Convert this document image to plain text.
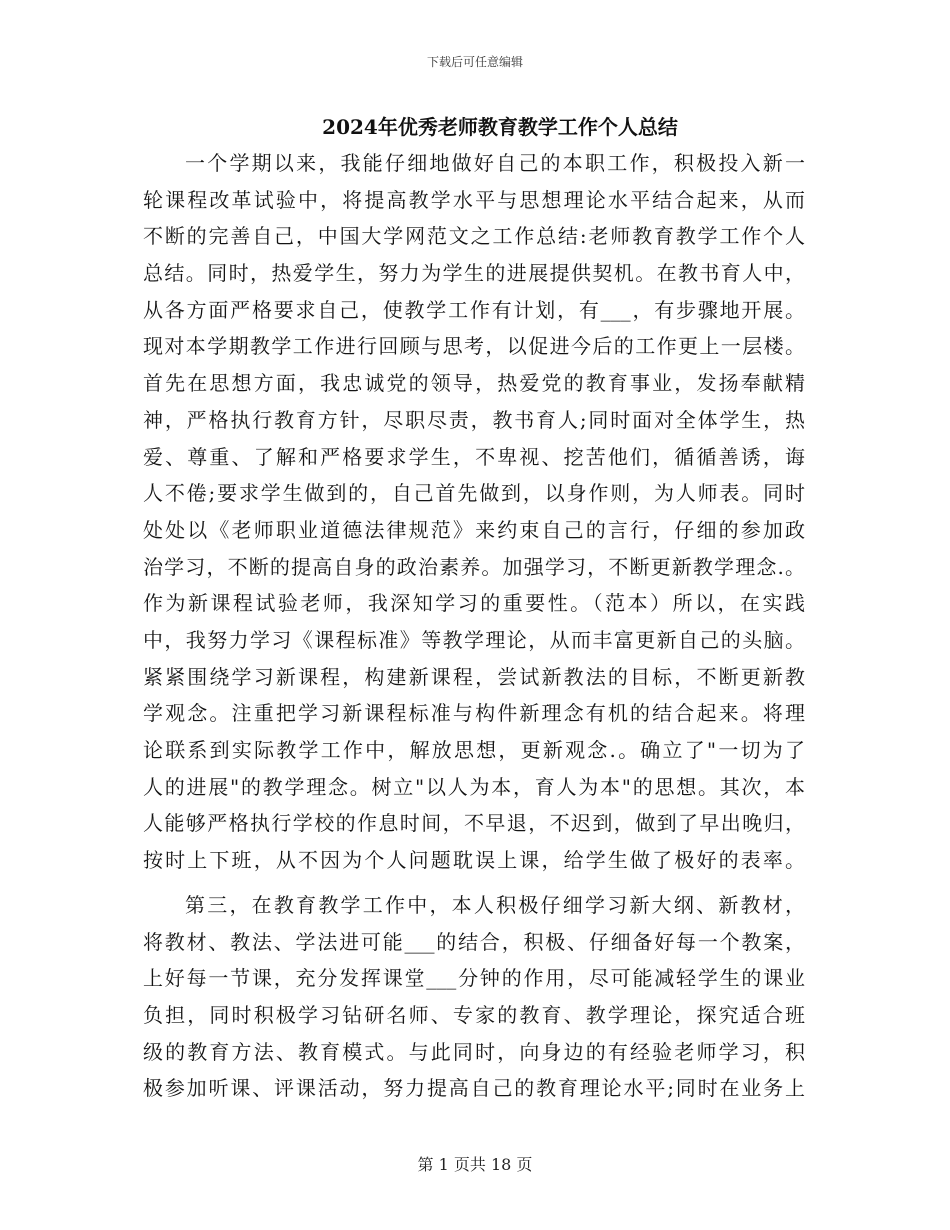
下载后可任意编辑
2024年优秀老师教育教学工作个人总结
一个学期以来，我能仔细地做好自己的本职工作，积极投入新一
轮课程改革试验中，将提高教学水平与思想理论水平结合起来，从而
不断的完善自己，中国大学网范文之工作总结:老师教育教学工作个人
总结。同时，热爱学生，努力为学生的进展提供契机。在教书育人中，
从各方面严格要求自己，使教学工作有计划，有___，有步骤地开展。
现对本学期教学工作进行回顾与思考，以促进今后的工作更上一层楼。
首先在思想方面，我忠诚党的领导，热爱党的教育事业，发扬奉献精
神，严格执行教育方针，尽职尽责，教书育人;同时面对全体学生，热
爱、尊重、了解和严格要求学生，不卑视、挖苦他们，循循善诱，诲
人不倦;要求学生做到的，自己首先做到，以身作则，为人师表。同时
处处以《老师职业道德法律规范》来约束自己的言行，仔细的参加政
治学习，不断的提高自身的政治素养。加强学习，不断更新教学理念.。
作为新课程试验老师，我深知学习的重要性。（范本）所以，在实践
中，我努力学习《课程标准》等教学理论，从而丰富更新自己的头脑。
紧紧围绕学习新课程，构建新课程，尝试新教法的目标，不断更新教
学观念。注重把学习新课程标准与构件新理念有机的结合起来。将理
论联系到实际教学工作中，解放思想，更新观念.。确立了"一切为了
人的进展"的教学理念。树立"以人为本，育人为本"的思想。其次，本
人能够严格执行学校的作息时间，不早退，不迟到，做到了早出晚归，
按时上下班，从不因为个人问题耽误上课，给学生做了极好的表率。
第三，在教育教学工作中，本人积极仔细学习新大纲、新教材，
将教材、教法、学法进可能___的结合，积极、仔细备好每一个教案，
上好每一节课，充分发挥课堂___分钟的作用，尽可能减轻学生的课业
负担，同时积极学习钻研名师、专家的教育、教学理论，探究适合班
级的教育方法、教育模式。与此同时，向身边的有经验老师学习，积
极参加听课、评课活动，努力提高自己的教育理论水平;同时在业务上
第 1 页共 18 页
